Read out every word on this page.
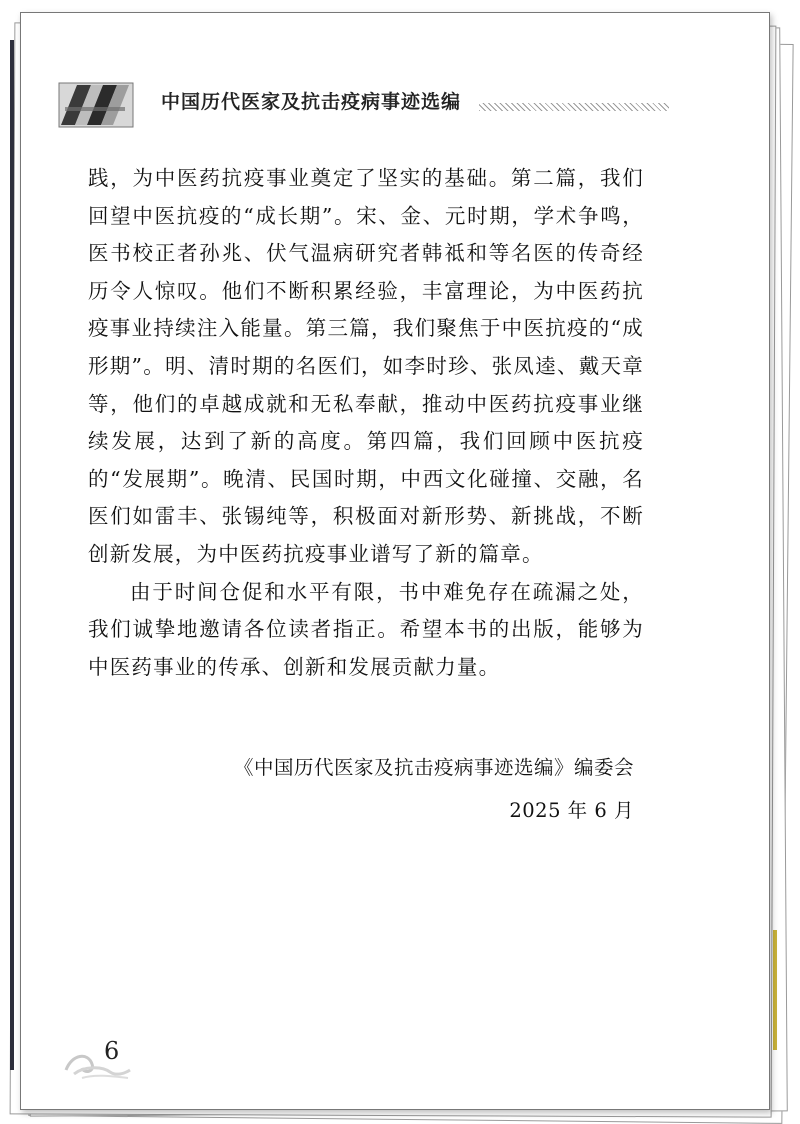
中国历代医家及抗击疫病事迹选编

践，为中医药抗疫事业奠定了坚实的基础。第二篇，我们回望中医抗疫的“成长期”。宋、金、元时期，学术争鸣，医书校正者孙兆、伏气温病研究者韩祗和等名医的传奇经历令人惊叹。他们不断积累经验，丰富理论，为中医药抗疫事业持续注入能量。第三篇，我们聚焦于中医抗疫的“成形期”。明、清时期的名医们，如李时珍、张凤逵、戴天章等，他们的卓越成就和无私奉献，推动中医药抗疫事业继续发展，达到了新的高度。第四篇，我们回顾中医抗疫的“发展期”。晚清、民国时期，中西文化碰撞、交融，名医们如雷丰、张锡纯等，积极面对新形势、新挑战，不断创新发展，为中医药抗疫事业谱写了新的篇章。

由于时间仓促和水平有限，书中难免存在疏漏之处，我们诚挚地邀请各位读者指正。希望本书的出版，能够为中医药事业的传承、创新和发展贡献力量。

《中国历代医家及抗击疫病事迹选编》编委会
2025 年 6 月
6
